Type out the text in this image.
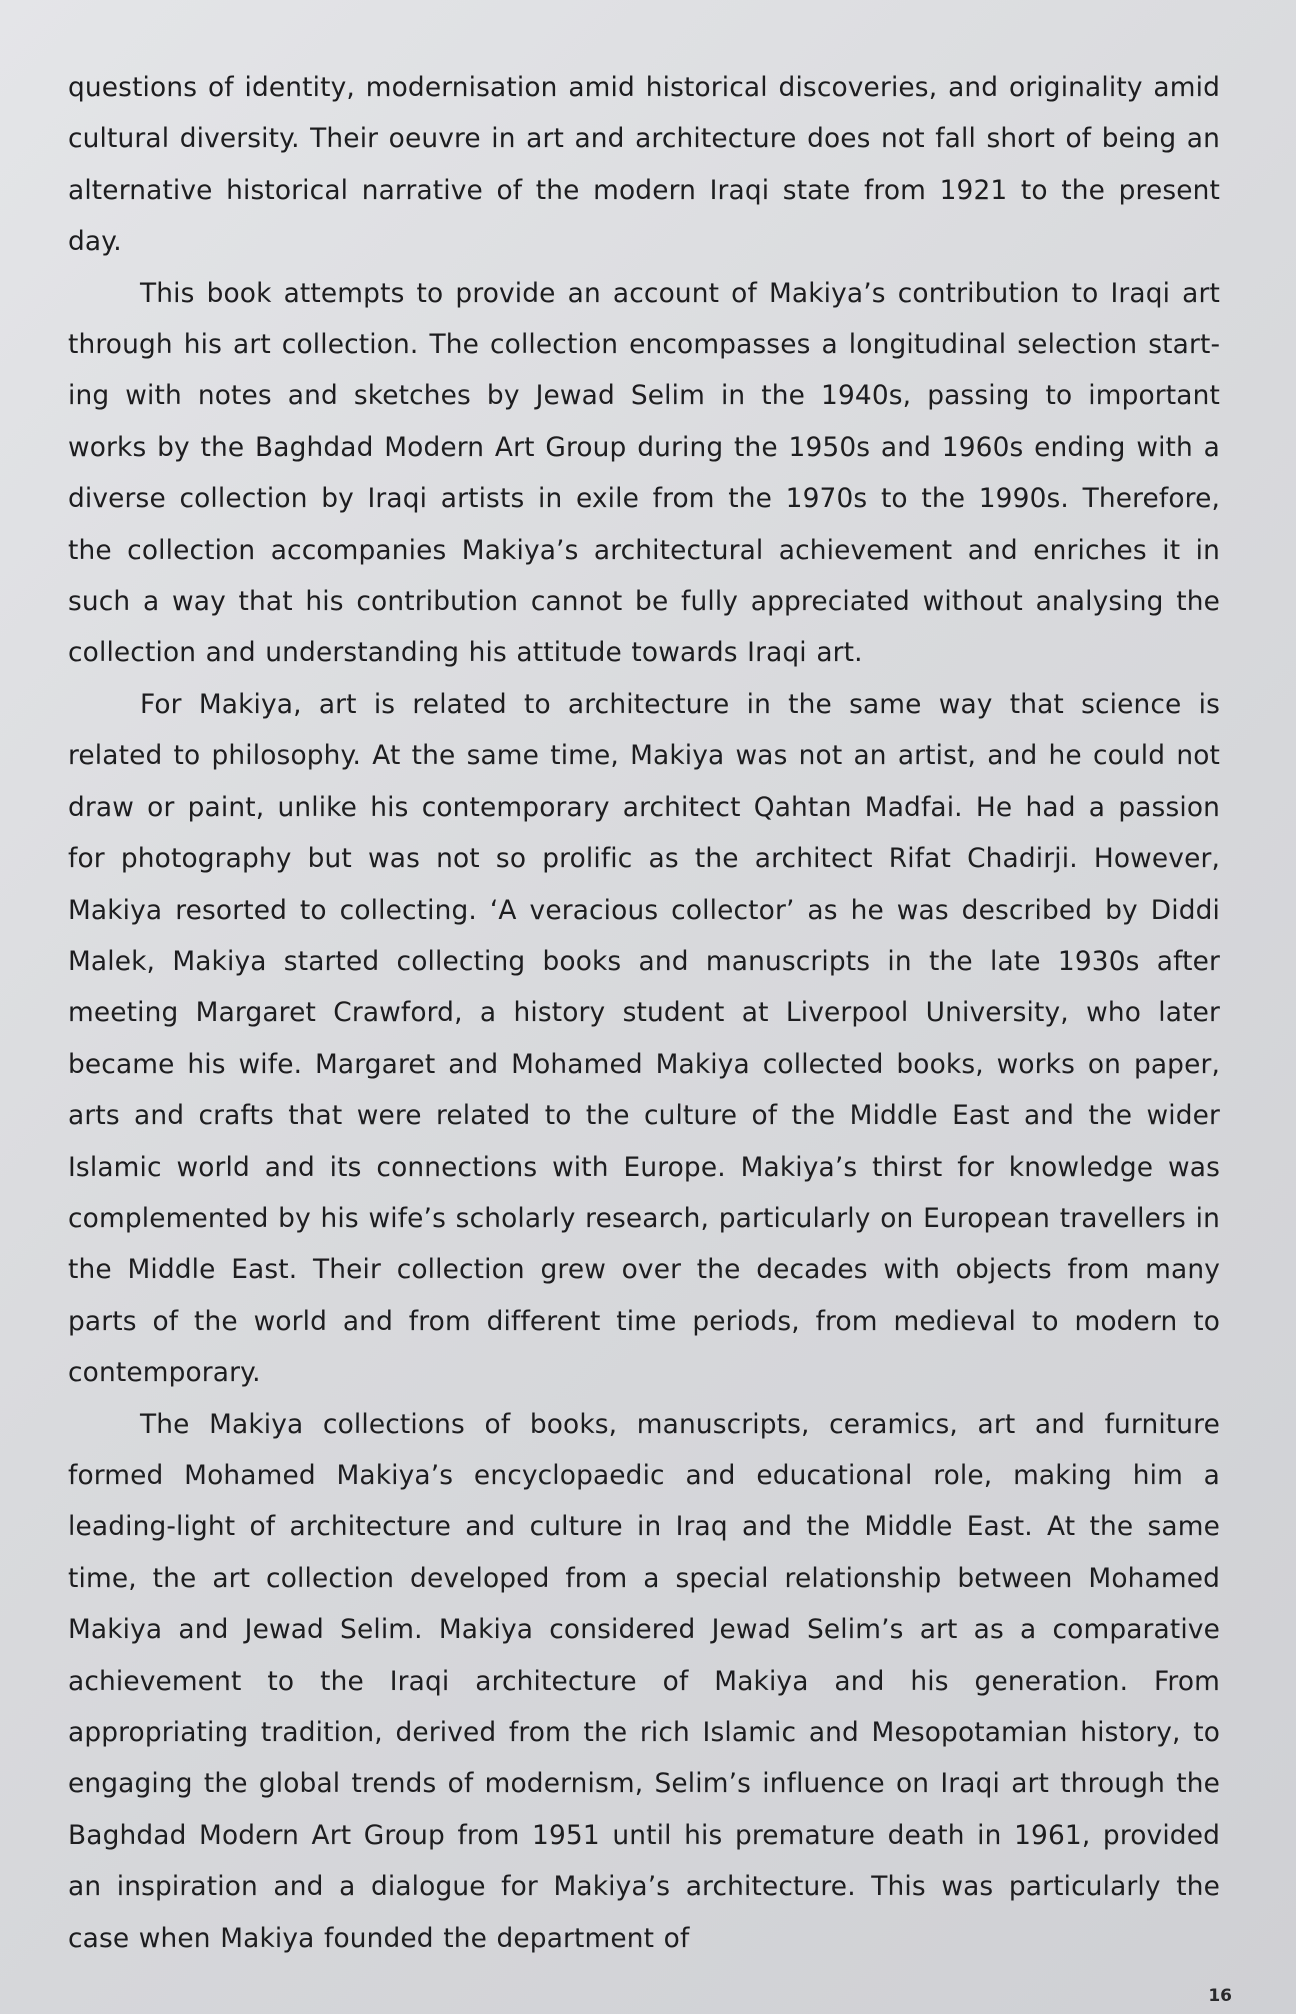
questions of identity, modernisation amid historical discoveries, and originality amid cultural diversity. Their oeuvre in art and architecture does not fall short of being an alternative historical narrative of the modern Iraqi state from 1921 to the present day.

This book attempts to provide an account of Makiya’s contribution to Iraqi art through his art collection. The collection encompasses a longitudinal selection starting with notes and sketches by Jewad Selim in the 1940s, passing to important works by the Baghdad Modern Art Group during the 1950s and 1960s ending with a diverse collection by Iraqi artists in exile from the 1970s to the 1990s. Therefore, the collection accompanies Makiya’s architectural achievement and enriches it in such a way that his contribution cannot be fully appreciated without analysing the collection and understanding his attitude towards Iraqi art.

For Makiya, art is related to architecture in the same way that science is related to philosophy. At the same time, Makiya was not an artist, and he could not draw or paint, unlike his contemporary architect Qahtan Madfai. He had a passion for photography but was not so prolific as the architect Rifat Chadirji. However, Makiya resorted to collecting. ‘A veracious collector’ as he was described by Diddi Malek, Makiya started collecting books and manuscripts in the late 1930s after meeting Margaret Crawford, a history student at Liverpool University, who later became his wife. Margaret and Mohamed Makiya collected books, works on paper, arts and crafts that were related to the culture of the Middle East and the wider Islamic world and its connections with Europe. Makiya’s thirst for knowledge was complemented by his wife’s scholarly research, particularly on European travellers in the Middle East. Their collection grew over the decades with objects from many parts of the world and from different time periods, from medieval to modern to contemporary.

The Makiya collections of books, manuscripts, ceramics, art and furniture formed Mohamed Makiya’s encyclopaedic and educational role, making him a leading-light of architecture and culture in Iraq and the Middle East. At the same time, the art collection developed from a special relationship between Mohamed Makiya and Jewad Selim. Makiya considered Jewad Selim’s art as a comparative achievement to the Iraqi architecture of Makiya and his generation. From appropriating tradition, derived from the rich Islamic and Mesopotamian history, to engaging the global trends of modernism, Selim’s influence on Iraqi art through the Baghdad Modern Art Group from 1951 until his premature death in 1961, provided an inspiration and a dialogue for Makiya’s architecture. This was particularly the case when Makiya founded the department of

16
